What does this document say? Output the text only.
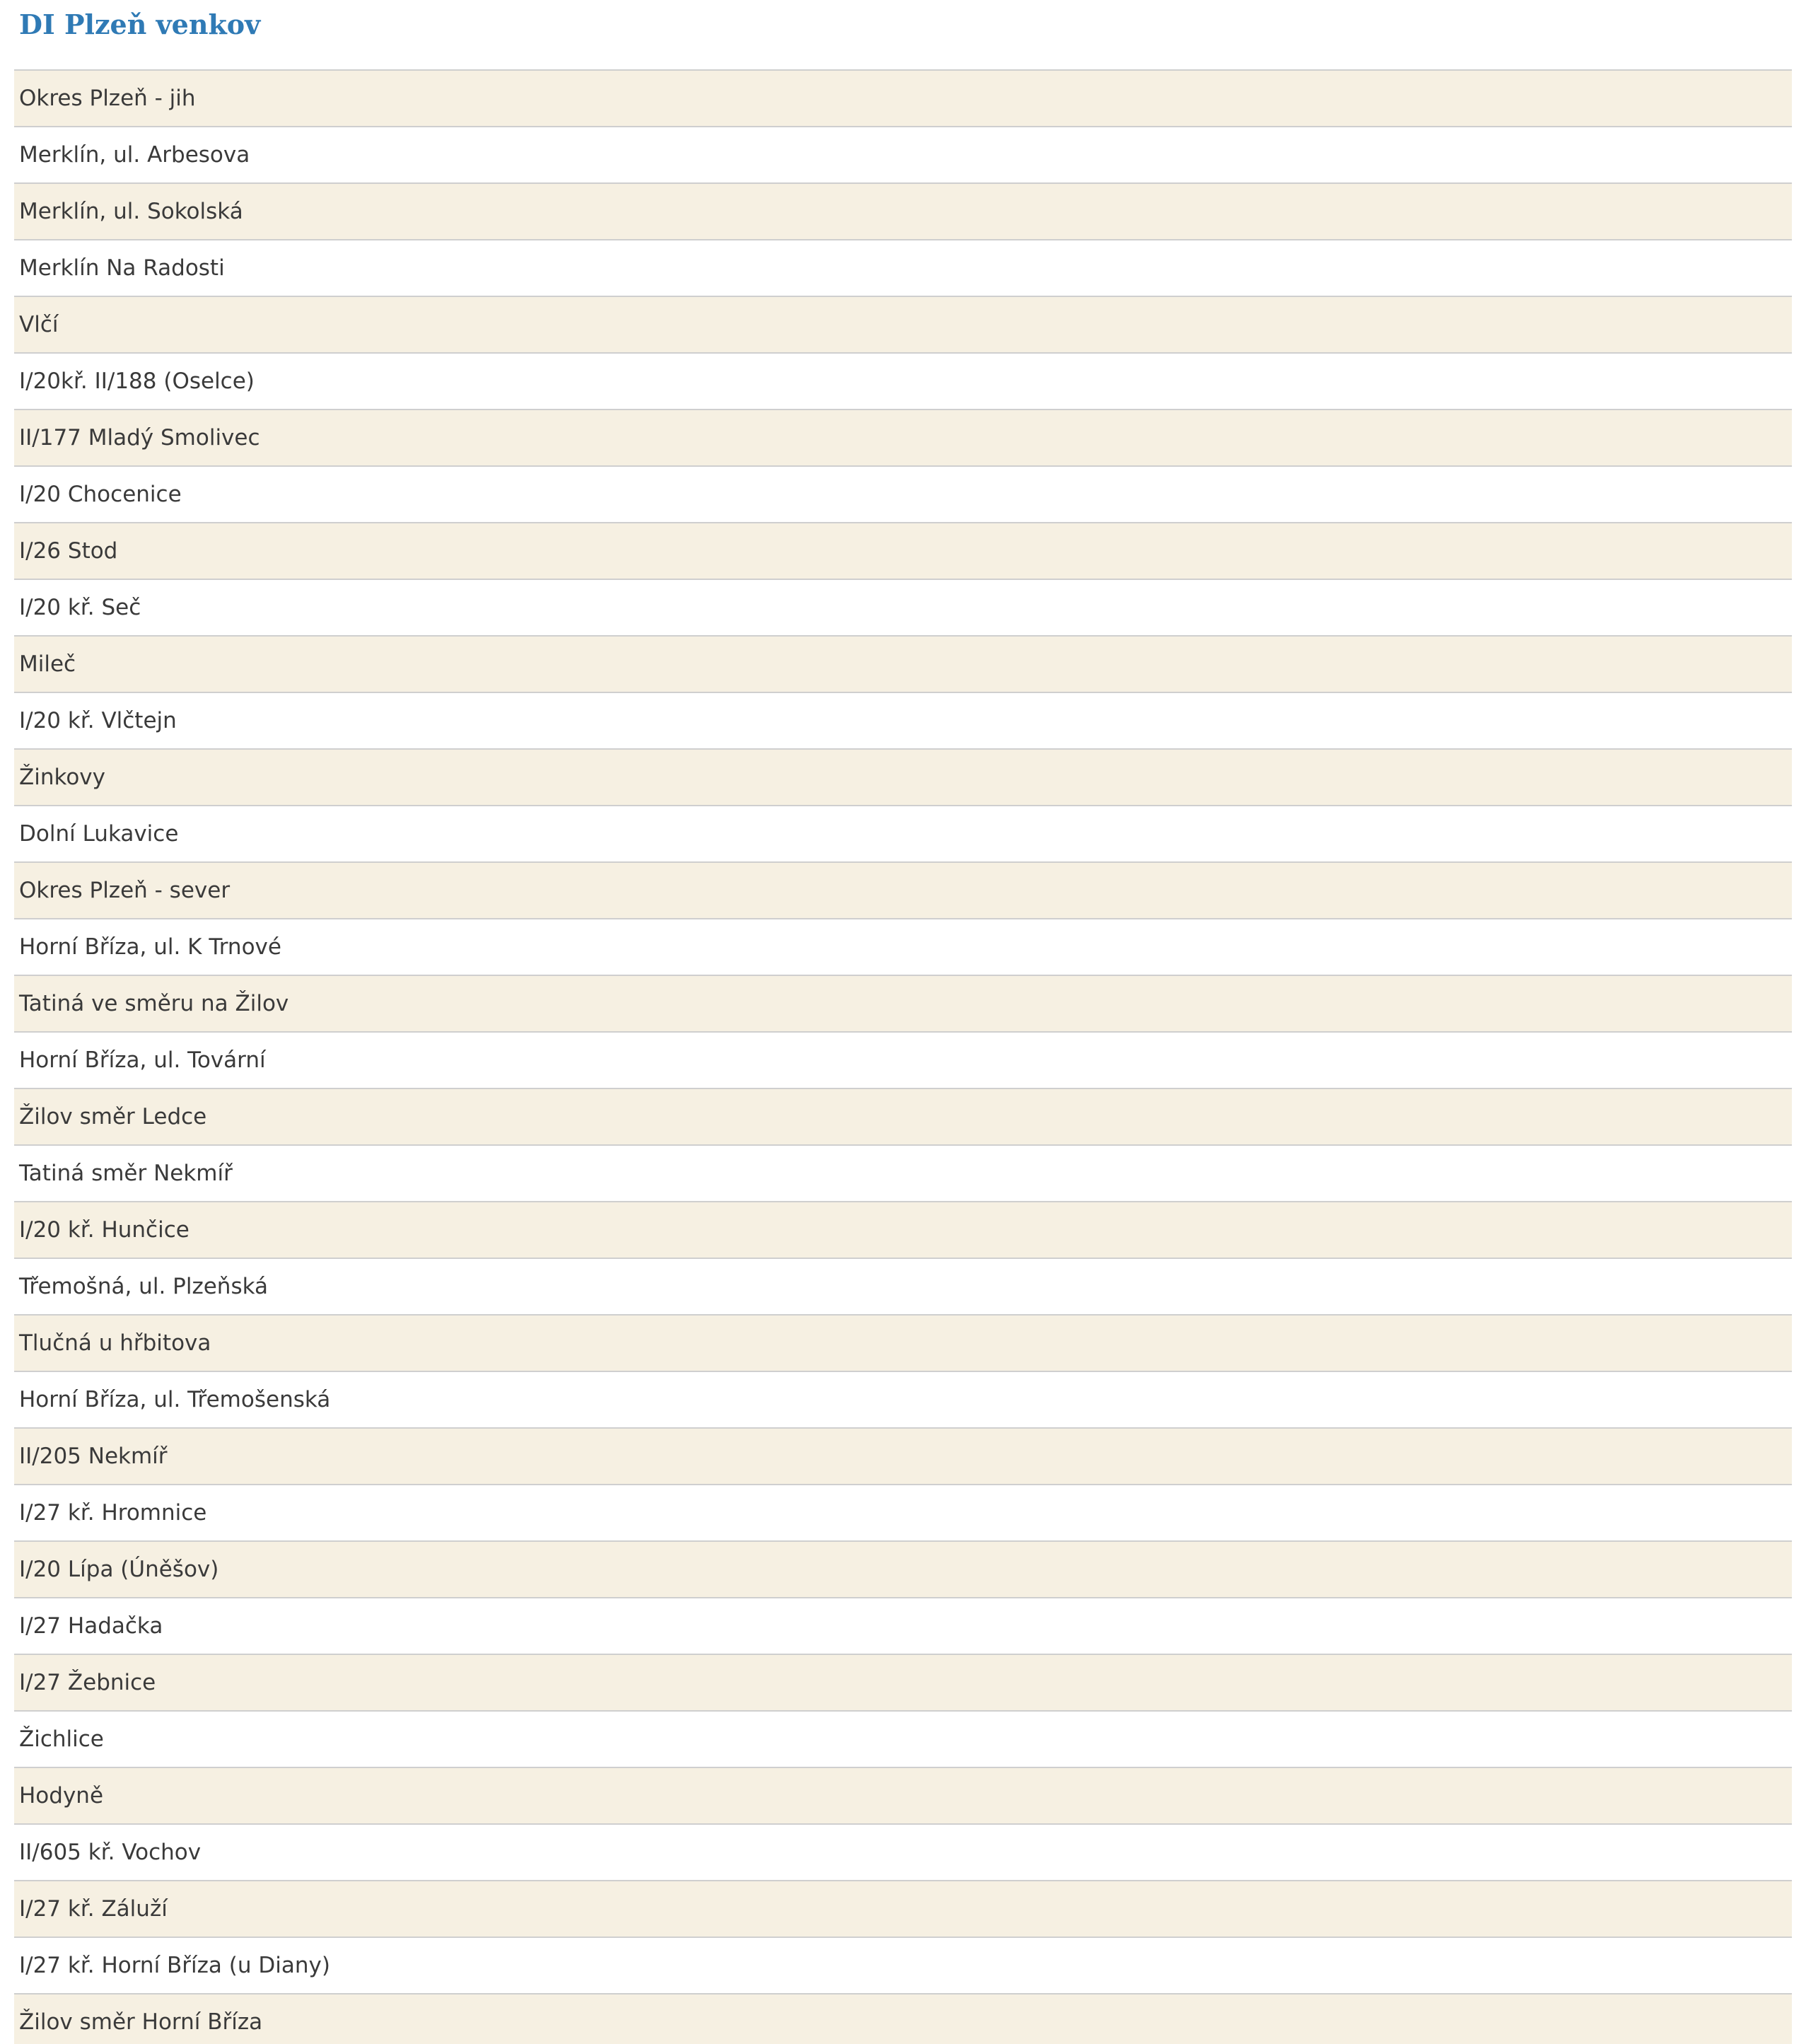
DI Plzeň venkov
Okres Plzeň - jih
Merklín, ul. Arbesova
Merklín, ul. Sokolská
Merklín Na Radosti
Vlčí
I/20kř. II/188 (Oselce)
II/177 Mladý Smolivec
I/20 Chocenice
I/26 Stod
I/20 kř. Seč
Mileč
I/20 kř. Vlčtejn
Žinkovy
Dolní Lukavice
Okres Plzeň - sever
Horní Bříza, ul. K Trnové
Tatiná ve směru na Žilov
Horní Bříza, ul. Tovární
Žilov směr Ledce
Tatiná směr Nekmíř
I/20 kř. Hunčice
Třemošná, ul. Plzeňská
Tlučná u hřbitova
Horní Bříza, ul. Třemošenská
II/205 Nekmíř
I/27 kř. Hromnice
I/20 Lípa (Úněšov)
I/27 Hadačka
I/27 Žebnice
Žichlice
Hodyně
II/605 kř. Vochov
I/27 kř. Záluží
I/27 kř. Horní Bříza (u Diany)
Žilov směr Horní Bříza
